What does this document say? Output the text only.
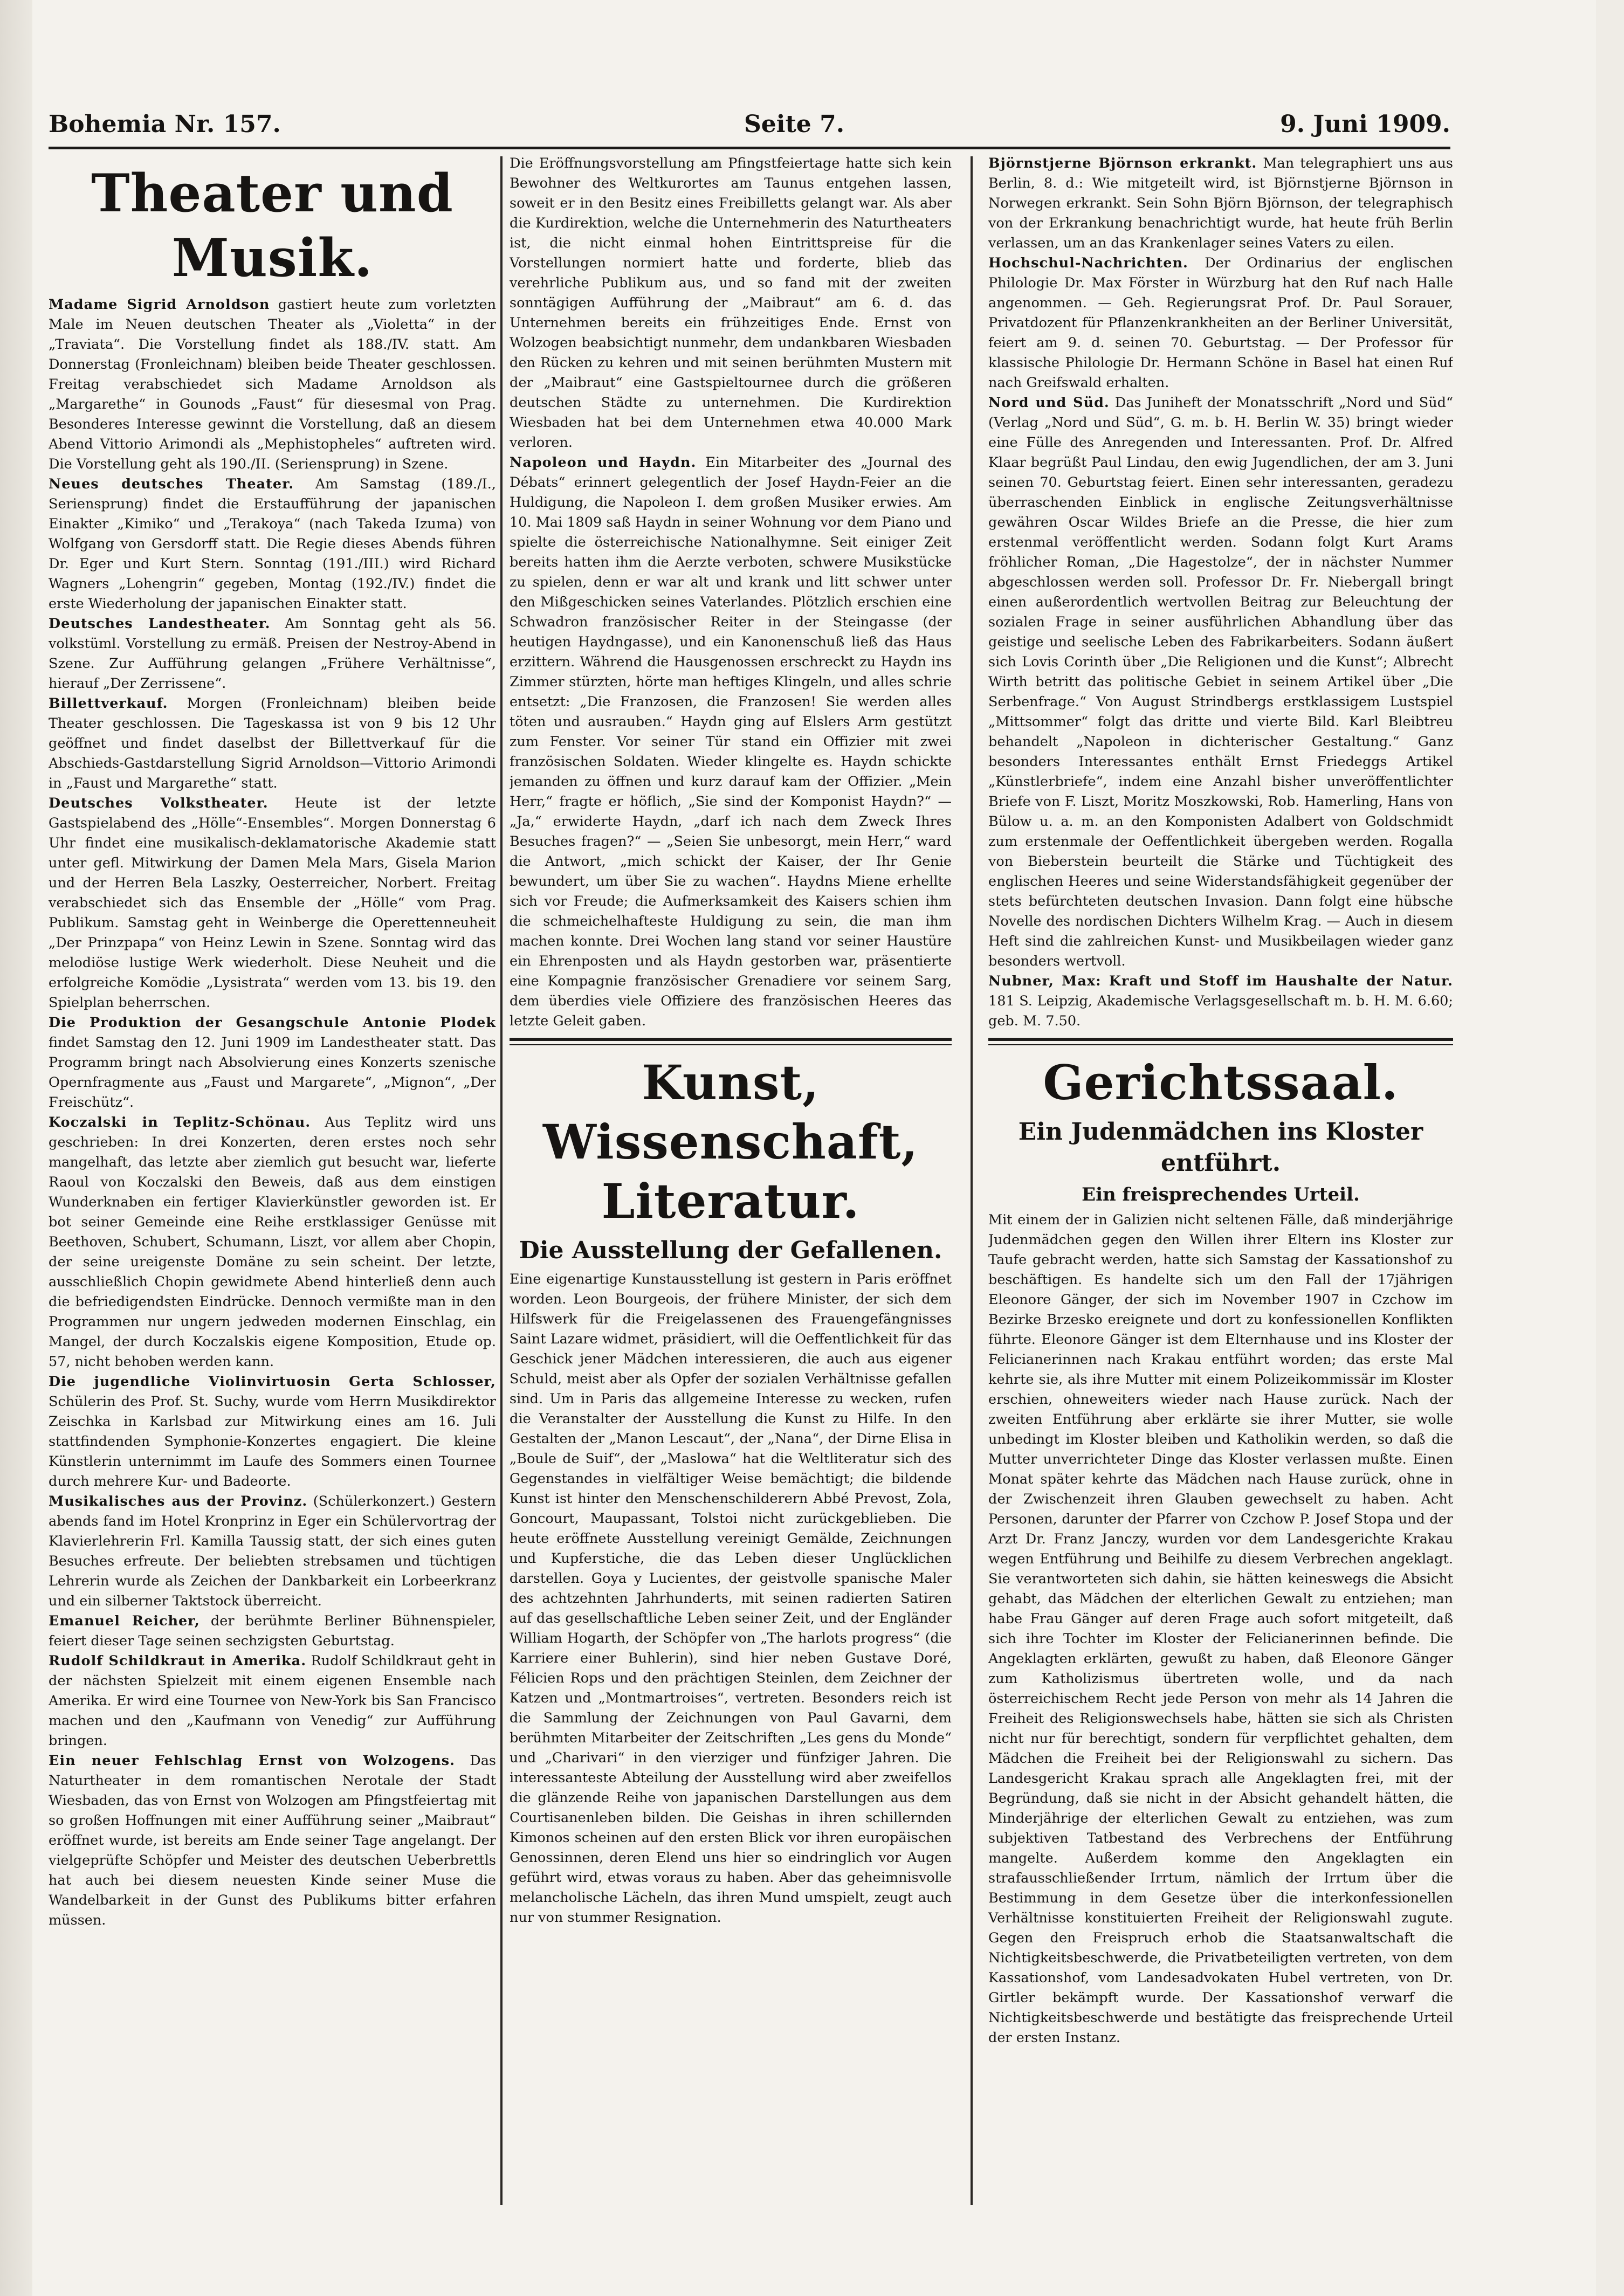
Bohemia Nr. 157.	Seite 7.	9. Juni 1909.
Theater und Musik.

Madame Sigrid Arnoldson gastiert heute zum vorletzten Male im Neuen deutschen Theater als „Violetta“ in der „Traviata“. Die Vorstellung findet als 188./IV. statt. Am Donnerstag (Fronleichnam) bleiben beide Theater geschlossen. Freitag verabschiedet sich Madame Arnoldson als „Margarethe“ in Gounods „Faust“ für diesesmal von Prag. Besonderes Interesse gewinnt die Vorstellung, daß an diesem Abend Vittorio Arimondi als „Mephistopheles“ auftreten wird. Die Vorstellung geht als 190./II. (Seriensprung) in Szene.

Neues deutsches Theater. Am Samstag (189./I., Seriensprung) findet die Erstaufführung der japanischen Einakter „Kimiko“ und „Terakoya“ (nach Takeda Izuma) von Wolfgang von Gersdorff statt. Die Regie dieses Abends führen Dr. Eger und Kurt Stern. Sonntag (191./III.) wird Richard Wagners „Lohengrin“ gegeben, Montag (192./IV.) findet die erste Wiederholung der japanischen Einakter statt.

Deutsches Landestheater. Am Sonntag geht als 56. volkstüml. Vorstellung zu ermäß. Preisen der Nestroy-Abend in Szene. Zur Aufführung gelangen „Frühere Verhältnisse“, hierauf „Der Zerrissene“.

Billettverkauf. Morgen (Fronleichnam) bleiben beide Theater geschlossen. Die Tageskassa ist von 9 bis 12 Uhr geöffnet und findet daselbst der Billettverkauf für die Abschieds-Gastdarstellung Sigrid Arnoldson—Vittorio Arimondi in „Faust und Margarethe“ statt.

Deutsches Volkstheater. Heute ist der letzte Gastspielabend des „Hölle“-Ensembles“. Morgen Donnerstag 6 Uhr findet eine musikalisch-deklamatorische Akademie statt unter gefl. Mitwirkung der Damen Mela Mars, Gisela Marion und der Herren Bela Laszky, Oesterreicher, Norbert. Freitag verabschiedet sich das Ensemble der „Hölle“ vom Prag. Publikum. Samstag geht in Weinberge die Operettenneuheit „Der Prinzpapa“ von Heinz Lewin in Szene. Sonntag wird das melodiöse lustige Werk wiederholt. Diese Neuheit und die erfolgreiche Komödie „Lysistrata“ werden vom 13. bis 19. den Spielplan beherrschen.

Die Produktion der Gesangschule Antonie Plodek findet Samstag den 12. Juni 1909 im Landestheater statt. Das Programm bringt nach Absolvierung eines Konzerts szenische Opernfragmente aus „Faust und Margarete“, „Mignon“, „Der Freischütz“.

Koczalski in Teplitz-Schönau. Aus Teplitz wird uns geschrieben: In drei Konzerten, deren erstes noch sehr mangelhaft, das letzte aber ziemlich gut besucht war, lieferte Raoul von Koczalski den Beweis, daß aus dem einstigen Wunderknaben ein fertiger Klavierkünstler geworden ist. Er bot seiner Gemeinde eine Reihe erstklassiger Genüsse mit Beethoven, Schubert, Schumann, Liszt, vor allem aber Chopin, der seine ureigenste Domäne zu sein scheint. Der letzte, ausschließlich Chopin gewidmete Abend hinterließ denn auch die befriedigendsten Eindrücke. Dennoch vermißte man in den Programmen nur ungern jedweden modernen Einschlag, ein Mangel, der durch Koczalskis eigene Komposition, Etude op. 57, nicht behoben werden kann.

Die jugendliche Violinvirtuosin Gerta Schlosser, Schülerin des Prof. St. Suchy, wurde vom Herrn Musikdirektor Zeischka in Karlsbad zur Mitwirkung eines am 16. Juli stattfindenden Symphonie-Konzertes engagiert. Die kleine Künstlerin unternimmt im Laufe des Sommers einen Tournee durch mehrere Kur- und Badeorte.

Musikalisches aus der Provinz. (Schülerkonzert.) Gestern abends fand im Hotel Kronprinz in Eger ein Schülervortrag der Klavierlehrerin Frl. Kamilla Taussig statt, der sich eines guten Besuches erfreute. Der beliebten strebsamen und tüchtigen Lehrerin wurde als Zeichen der Dankbarkeit ein Lorbeerkranz und ein silberner Taktstock überreicht.

Emanuel Reicher, der berühmte Berliner Bühnenspieler, feiert dieser Tage seinen sechzigsten Geburtstag.

Rudolf Schildkraut in Amerika. Rudolf Schildkraut geht in der nächsten Spielzeit mit einem eigenen Ensemble nach Amerika. Er wird eine Tournee von New-York bis San Francisco machen und den „Kaufmann von Venedig“ zur Aufführung bringen.

Ein neuer Fehlschlag Ernst von Wolzogens. Das Naturtheater in dem romantischen Nerotale der Stadt Wiesbaden, das von Ernst von Wolzogen am Pfingstfeiertag mit so großen Hoffnungen mit einer Aufführung seiner „Maibraut“ eröffnet wurde, ist bereits am Ende seiner Tage angelangt. Der vielgeprüfte Schöpfer und Meister des deutschen Ueberbrettls hat auch bei diesem neuesten Kinde seiner Muse die Wandelbarkeit in der Gunst des Publikums bitter erfahren müssen.

Die Eröffnungsvorstellung am Pfingstfeiertage hatte sich kein Bewohner des Weltkurortes am Taunus entgehen lassen, soweit er in den Besitz eines Freibilletts gelangt war. Als aber die Kurdirektion, welche die Unternehmerin des Naturtheaters ist, die nicht einmal hohen Eintrittspreise für die Vorstellungen normiert hatte und forderte, blieb das verehrliche Publikum aus, und so fand mit der zweiten sonntägigen Aufführung der „Maibraut“ am 6. d. das Unternehmen bereits ein frühzeitiges Ende. Ernst von Wolzogen beabsichtigt nunmehr, dem undankbaren Wiesbaden den Rücken zu kehren und mit seinen berühmten Mustern mit der „Maibraut“ eine Gastspieltournee durch die größeren deutschen Städte zu unternehmen. Die Kurdirektion Wiesbaden hat bei dem Unternehmen etwa 40.000 Mark verloren.

Napoleon und Haydn. Ein Mitarbeiter des „Journal des Débats“ erinnert gelegentlich der Josef Haydn-Feier an die Huldigung, die Napoleon I. dem großen Musiker erwies. Am 10. Mai 1809 saß Haydn in seiner Wohnung vor dem Piano und spielte die österreichische Nationalhymne. Seit einiger Zeit bereits hatten ihm die Aerzte verboten, schwere Musikstücke zu spielen, denn er war alt und krank und litt schwer unter den Mißgeschicken seines Vaterlandes. Plötzlich erschien eine Schwadron französischer Reiter in der Steingasse (der heutigen Haydngasse), und ein Kanonenschuß ließ das Haus erzittern. Während die Hausgenossen erschreckt zu Haydn ins Zimmer stürzten, hörte man heftiges Klingeln, und alles schrie entsetzt: „Die Franzosen, die Franzosen! Sie werden alles töten und ausrauben.“ Haydn ging auf Elslers Arm gestützt zum Fenster. Vor seiner Tür stand ein Offizier mit zwei französischen Soldaten. Wieder klingelte es. Haydn schickte jemanden zu öffnen und kurz darauf kam der Offizier. „Mein Herr,“ fragte er höflich, „Sie sind der Komponist Haydn?“ — „Ja,“ erwiderte Haydn, „darf ich nach dem Zweck Ihres Besuches fragen?“ — „Seien Sie unbesorgt, mein Herr,“ ward die Antwort, „mich schickt der Kaiser, der Ihr Genie bewundert, um über Sie zu wachen“. Haydns Miene erhellte sich vor Freude; die Aufmerksamkeit des Kaisers schien ihm die schmeichelhafteste Huldigung zu sein, die man ihm machen konnte. Drei Wochen lang stand vor seiner Haustüre ein Ehrenposten und als Haydn gestorben war, präsentierte eine Kompagnie französischer Grenadiere vor seinem Sarg, dem überdies viele Offiziere des französischen Heeres das letzte Geleit gaben.

Kunst, Wissenschaft, Literatur.
Die Ausstellung der Gefallenen.

Eine eigenartige Kunstausstellung ist gestern in Paris eröffnet worden. Leon Bourgeois, der frühere Minister, der sich dem Hilfswerk für die Freigelassenen des Frauengefängnisses Saint Lazare widmet, präsidiert, will die Oeffentlichkeit für das Geschick jener Mädchen interessieren, die auch aus eigener Schuld, meist aber als Opfer der sozialen Verhältnisse gefallen sind. Um in Paris das allgemeine Interesse zu wecken, rufen die Veranstalter der Ausstellung die Kunst zu Hilfe. In den Gestalten der „Manon Lescaut“, der „Nana“, der Dirne Elisa in „Boule de Suif“, der „Maslowa“ hat die Weltliteratur sich des Gegenstandes in vielfältiger Weise bemächtigt; die bildende Kunst ist hinter den Menschenschilderern Abbé Prevost, Zola, Goncourt, Maupassant, Tolstoi nicht zurückgeblieben. Die heute eröffnete Ausstellung vereinigt Gemälde, Zeichnungen und Kupferstiche, die das Leben dieser Unglücklichen darstellen. Goya y Lucientes, der geistvolle spanische Maler des achtzehnten Jahrhunderts, mit seinen radierten Satiren auf das gesellschaftliche Leben seiner Zeit, und der Engländer William Hogarth, der Schöpfer von „The harlots progress“ (die Karriere einer Buhlerin), sind hier neben Gustave Doré, Félicien Rops und den prächtigen Steinlen, dem Zeichner der Katzen und „Montmartroises“, vertreten. Besonders reich ist die Sammlung der Zeichnungen von Paul Gavarni, dem berühmten Mitarbeiter der Zeitschriften „Les gens du Monde“ und „Charivari“ in den vierziger und fünfziger Jahren. Die interessanteste Abteilung der Ausstellung wird aber zweifellos die glänzende Reihe von japanischen Darstellungen aus dem Courtisanenleben bilden. Die Geishas in ihren schillernden Kimonos scheinen auf den ersten Blick vor ihren europäischen Genossinnen, deren Elend uns hier so eindringlich vor Augen geführt wird, etwas voraus zu haben. Aber das geheimnisvolle melancholische Lächeln, das ihren Mund umspielt, zeugt auch nur von stummer Resignation.

Björnstjerne Björnson erkrankt. Man telegraphiert uns aus Berlin, 8. d.: Wie mitgeteilt wird, ist Björnstjerne Björnson in Norwegen erkrankt. Sein Sohn Björn Björnson, der telegraphisch von der Erkrankung benachrichtigt wurde, hat heute früh Berlin verlassen, um an das Krankenlager seines Vaters zu eilen.

Hochschul-Nachrichten. Der Ordinarius der englischen Philologie Dr. Max Förster in Würzburg hat den Ruf nach Halle angenommen. — Geh. Regierungsrat Prof. Dr. Paul Sorauer, Privatdozent für Pflanzenkrankheiten an der Berliner Universität, feiert am 9. d. seinen 70. Geburtstag. — Der Professor für klassische Philologie Dr. Hermann Schöne in Basel hat einen Ruf nach Greifswald erhalten.

Nord und Süd. Das Juniheft der Monatsschrift „Nord und Süd“ (Verlag „Nord und Süd“, G. m. b. H. Berlin W. 35) bringt wieder eine Fülle des Anregenden und Interessanten. Prof. Dr. Alfred Klaar begrüßt Paul Lindau, den ewig Jugendlichen, der am 3. Juni seinen 70. Geburtstag feiert. Einen sehr interessanten, geradezu überraschenden Einblick in englische Zeitungsverhältnisse gewähren Oscar Wildes Briefe an die Presse, die hier zum erstenmal veröffentlicht werden. Sodann folgt Kurt Arams fröhlicher Roman, „Die Hagestolze“, der in nächster Nummer abgeschlossen werden soll. Professor Dr. Fr. Niebergall bringt einen außerordentlich wertvollen Beitrag zur Beleuchtung der sozialen Frage in seiner ausführlichen Abhandlung über das geistige und seelische Leben des Fabrikarbeiters. Sodann äußert sich Lovis Corinth über „Die Religionen und die Kunst“; Albrecht Wirth betritt das politische Gebiet in seinem Artikel über „Die Serbenfrage.“ Von August Strindbergs erstklassigem Lustspiel „Mittsommer“ folgt das dritte und vierte Bild. Karl Bleibtreu behandelt „Napoleon in dichterischer Gestaltung.“ Ganz besonders Interessantes enthält Ernst Friedeggs Artikel „Künstlerbriefe“, indem eine Anzahl bisher unveröffentlichter Briefe von F. Liszt, Moritz Moszkowski, Rob. Hamerling, Hans von Bülow u. a. m. an den Komponisten Adalbert von Goldschmidt zum erstenmale der Oeffentlichkeit übergeben werden. Rogalla von Bieberstein beurteilt die Stärke und Tüchtigkeit des englischen Heeres und seine Widerstandsfähigkeit gegenüber der stets befürchteten deutschen Invasion. Dann folgt eine hübsche Novelle des nordischen Dichters Wilhelm Krag. — Auch in diesem Heft sind die zahlreichen Kunst- und Musikbeilagen wieder ganz besonders wertvoll.

Nubner, Max: Kraft und Stoff im Haushalte der Natur. 181 S. Leipzig, Akademische Verlagsgesellschaft m. b. H. M. 6.60; geb. M. 7.50.

Gerichtssaal.
Ein Judenmädchen ins Kloster entführt.
Ein freisprechendes Urteil.

Mit einem der in Galizien nicht seltenen Fälle, daß minderjährige Judenmädchen gegen den Willen ihrer Eltern ins Kloster zur Taufe gebracht werden, hatte sich Samstag der Kassationshof zu beschäftigen. Es handelte sich um den Fall der 17jährigen Eleonore Gänger, der sich im November 1907 in Czchow im Bezirke Brzesko ereignete und dort zu konfessionellen Konflikten führte. Eleonore Gänger ist dem Elternhause und ins Kloster der Felicianerinnen nach Krakau entführt worden; das erste Mal kehrte sie, als ihre Mutter mit einem Polizeikommissär im Kloster erschien, ohneweiters wieder nach Hause zurück. Nach der zweiten Entführung aber erklärte sie ihrer Mutter, sie wolle unbedingt im Kloster bleiben und Katholikin werden, so daß die Mutter unverrichteter Dinge das Kloster verlassen mußte. Einen Monat später kehrte das Mädchen nach Hause zurück, ohne in der Zwischenzeit ihren Glauben gewechselt zu haben. Acht Personen, darunter der Pfarrer von Czchow P. Josef Stopa und der Arzt Dr. Franz Janczy, wurden vor dem Landesgerichte Krakau wegen Entführung und Beihilfe zu diesem Verbrechen angeklagt. Sie verantworteten sich dahin, sie hätten keineswegs die Absicht gehabt, das Mädchen der elterlichen Gewalt zu entziehen; man habe Frau Gänger auf deren Frage auch sofort mitgeteilt, daß sich ihre Tochter im Kloster der Felicianerinnen befinde. Die Angeklagten erklärten, gewußt zu haben, daß Eleonore Gänger zum Katholizismus übertreten wolle, und da nach österreichischem Recht jede Person von mehr als 14 Jahren die Freiheit des Religionswechsels habe, hätten sie sich als Christen nicht nur für berechtigt, sondern für verpflichtet gehalten, dem Mädchen die Freiheit bei der Religionswahl zu sichern. Das Landesgericht Krakau sprach alle Angeklagten frei, mit der Begründung, daß sie nicht in der Absicht gehandelt hätten, die Minderjährige der elterlichen Gewalt zu entziehen, was zum subjektiven Tatbestand des Verbrechens der Entführung mangelte. Außerdem komme den Angeklagten ein strafausschließender Irrtum, nämlich der Irrtum über die Bestimmung in dem Gesetze über die interkonfessionellen Verhältnisse konstituierten Freiheit der Religionswahl zugute. Gegen den Freispruch erhob die Staatsanwaltschaft die Nichtigkeitsbeschwerde, die Privatbeteiligten vertreten, von dem Kassationshof, vom Landesadvokaten Hubel vertreten, von Dr. Girtler bekämpft wurde. Der Kassationshof verwarf die Nichtigkeitsbeschwerde und bestätigte das freisprechende Urteil der ersten Instanz.
